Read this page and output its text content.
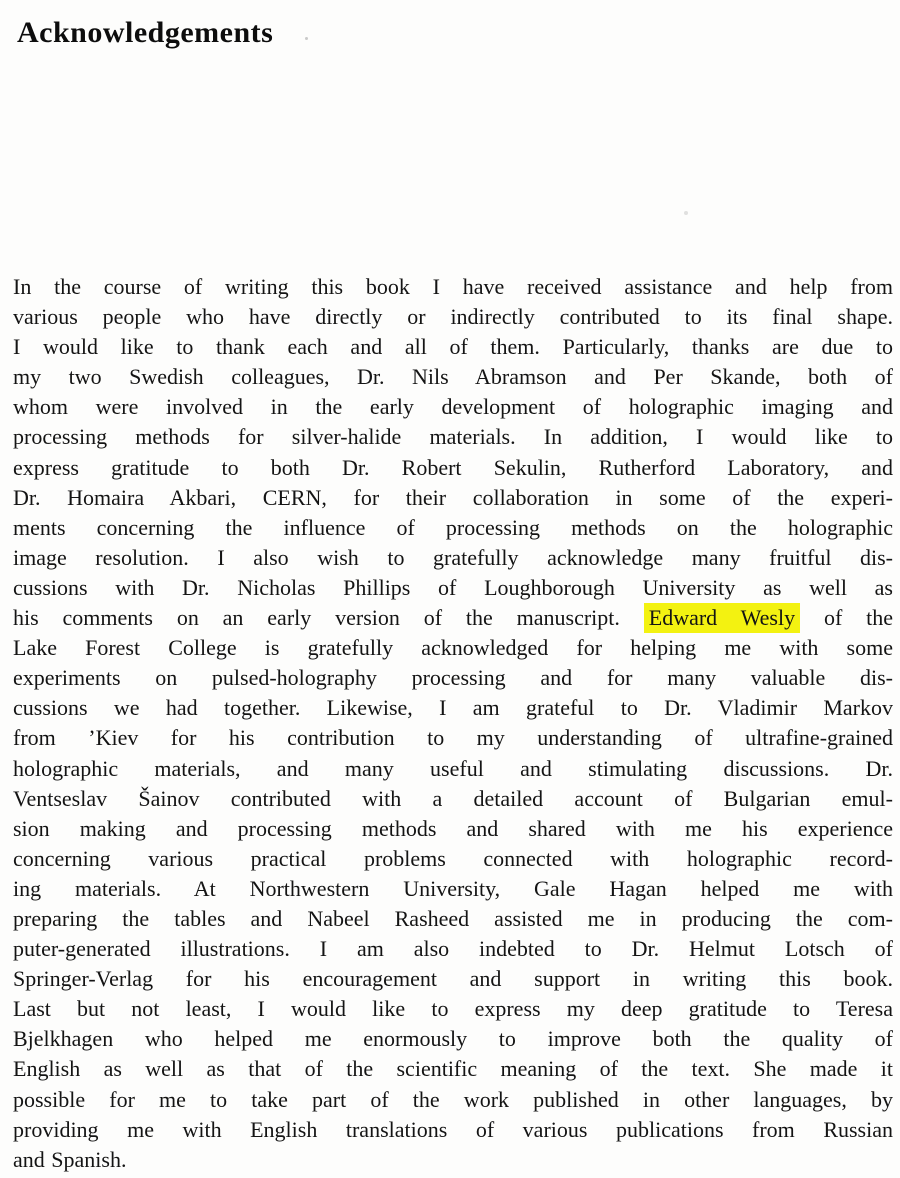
Acknowledgements
In the course of writing this book I have received assistance and help from
various people who have directly or indirectly contributed to its final shape.
I would like to thank each and all of them. Particularly, thanks are due to
my two Swedish colleagues, Dr. Nils Abramson and Per Skande, both of
whom were involved in the early development of holographic imaging and
processing methods for silver-halide materials. In addition, I would like to
express gratitude to both Dr. Robert Sekulin, Rutherford Laboratory, and
Dr. Homaira Akbari, CERN, for their collaboration in some of the experi-
ments concerning the influence of processing methods on the holographic
image resolution. I also wish to gratefully acknowledge many fruitful dis-
cussions with Dr. Nicholas Phillips of Loughborough University as well as
his comments on an early version of the manuscript. Edward Wesly of the
Lake Forest College is gratefully acknowledged for helping me with some
experiments on pulsed-holography processing and for many valuable dis-
cussions we had together. Likewise, I am grateful to Dr. Vladimir Markov
from ’Kiev for his contribution to my understanding of ultrafine-grained
holographic materials, and many useful and stimulating discussions. Dr.
Ventseslav Šainov contributed with a detailed account of Bulgarian emul-
sion making and processing methods and shared with me his experience
concerning various practical problems connected with holographic record-
ing materials. At Northwestern University, Gale Hagan helped me with
preparing the tables and Nabeel Rasheed assisted me in producing the com-
puter-generated illustrations. I am also indebted to Dr. Helmut Lotsch of
Springer-Verlag for his encouragement and support in writing this book.
Last but not least, I would like to express my deep gratitude to Teresa
Bjelkhagen who helped me enormously to improve both the quality of
English as well as that of the scientific meaning of the text. She made it
possible for me to take part of the work published in other languages, by
providing me with English translations of various publications from Russian
and Spanish.
